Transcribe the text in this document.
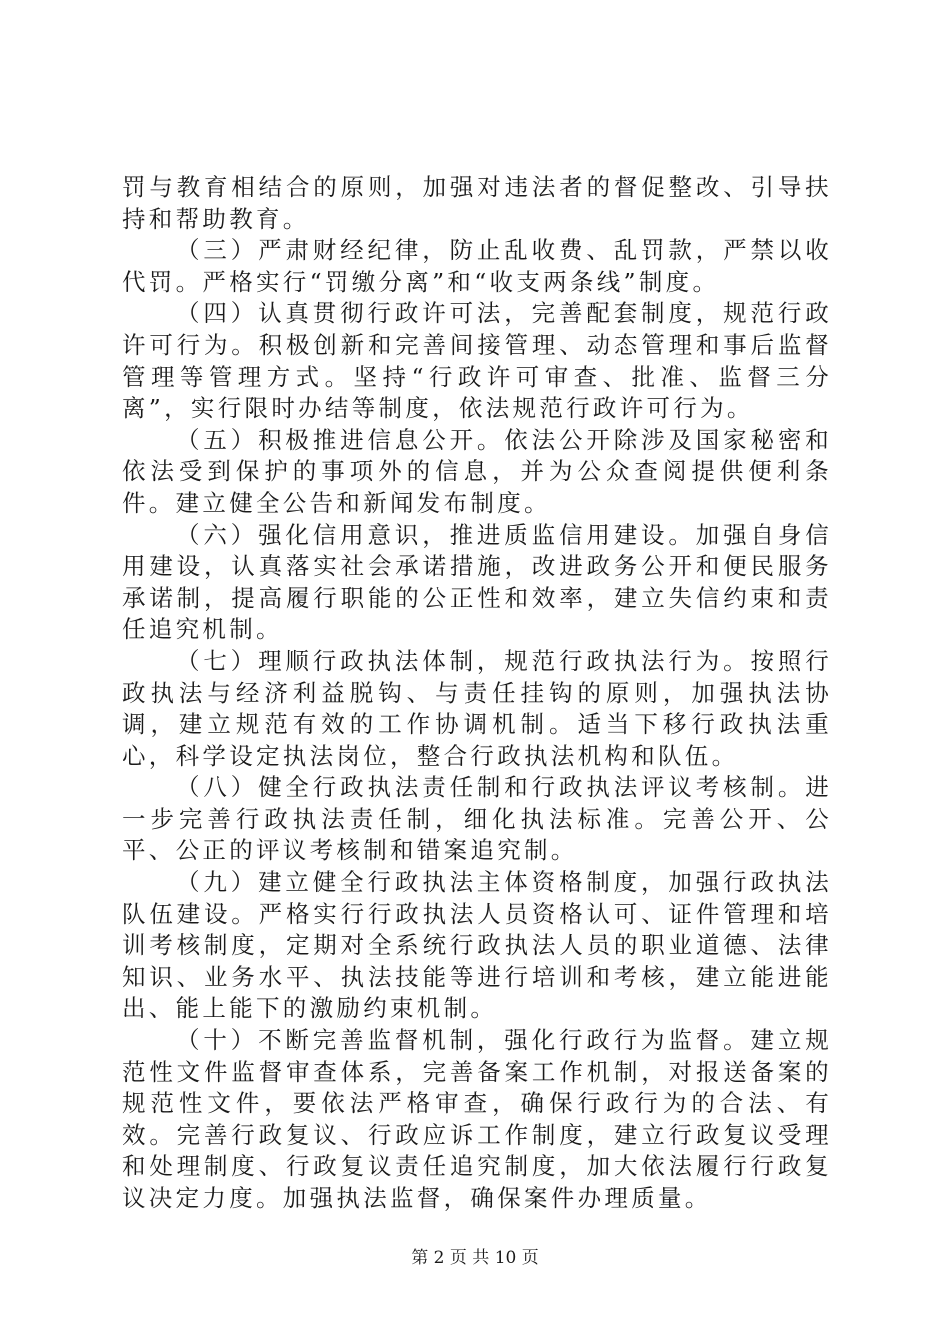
罚与教育相结合的原则，加强对违法者的督促整改、引导扶持和帮助教育。

（三）严肃财经纪律，防止乱收费、乱罚款，严禁以收代罚。严格实行“罚缴分离”和“收支两条线”制度。

（四）认真贯彻行政许可法，完善配套制度，规范行政许可行为。积极创新和完善间接管理、动态管理和事后监督管理等管理方式。坚持“行政许可审查、批准、监督三分离”，实行限时办结等制度，依法规范行政许可行为。

（五）积极推进信息公开。依法公开除涉及国家秘密和依法受到保护的事项外的信息，并为公众查阅提供便利条件。建立健全公告和新闻发布制度。

（六）强化信用意识，推进质监信用建设。加强自身信用建设，认真落实社会承诺措施，改进政务公开和便民服务承诺制，提高履行职能的公正性和效率，建立失信约束和责任追究机制。

（七）理顺行政执法体制，规范行政执法行为。按照行政执法与经济利益脱钩、与责任挂钩的原则，加强执法协调，建立规范有效的工作协调机制。适当下移行政执法重心，科学设定执法岗位，整合行政执法机构和队伍。

（八）健全行政执法责任制和行政执法评议考核制。进一步完善行政执法责任制，细化执法标准。完善公开、公平、公正的评议考核制和错案追究制。

（九）建立健全行政执法主体资格制度，加强行政执法队伍建设。严格实行行政执法人员资格认可、证件管理和培训考核制度，定期对全系统行政执法人员的职业道德、法律知识、业务水平、执法技能等进行培训和考核，建立能进能出、能上能下的激励约束机制。

（十）不断完善监督机制，强化行政行为监督。建立规范性文件监督审查体系，完善备案工作机制，对报送备案的规范性文件，要依法严格审查，确保行政行为的合法、有效。完善行政复议、行政应诉工作制度，建立行政复议受理和处理制度、行政复议责任追究制度，加大依法履行行政复议决定力度。加强执法监督，确保案件办理质量。

第 2 页 共 10 页
